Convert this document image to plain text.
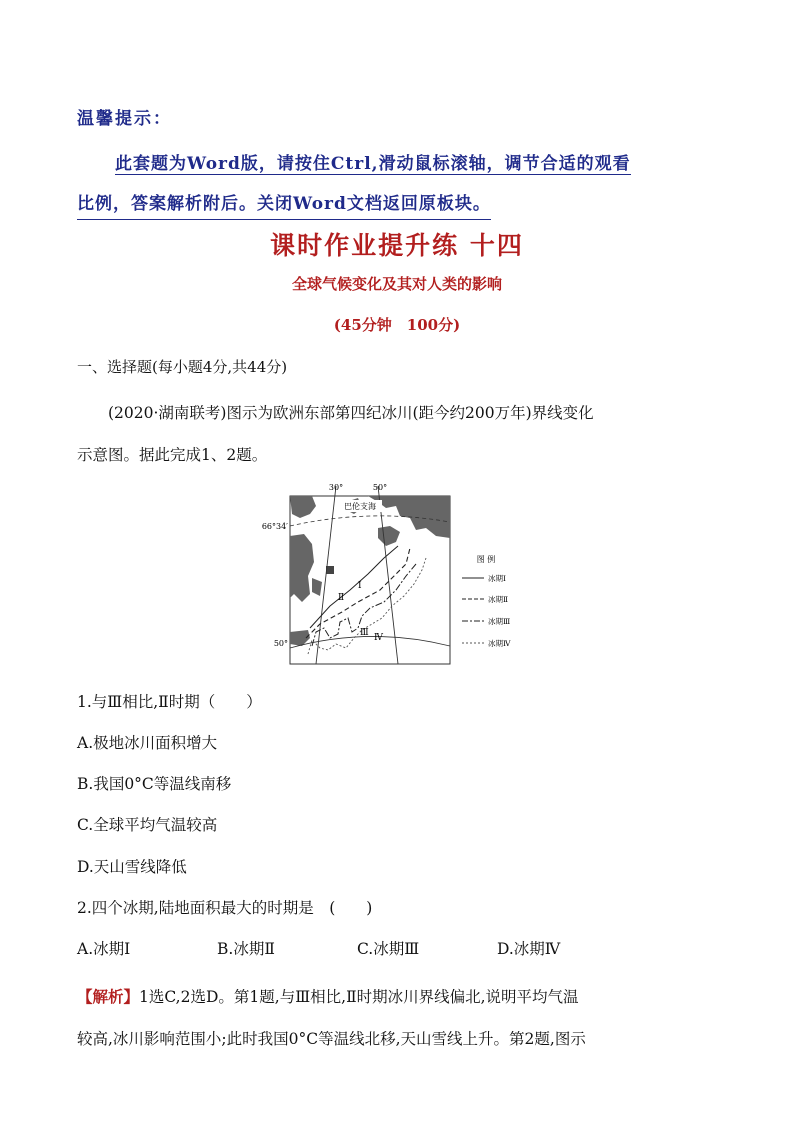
温馨提示：
此套题为Word版，请按住Ctrl,滑动鼠标滚轴，调节合适的观看
比例，答案解析附后。关闭Word文档返回原板块。
课时作业提升练 十四
全球气候变化及其对人类的影响
(45分钟　100分)
一、选择题(每小题4分,共44分)
(2020·湖南联考)图示为欧洲东部第四纪冰川(距今约200万年)界线变化
示意图。据此完成1、2题。
30°	50°
66°34′
50°
巴伦支海
Ⅰ
Ⅱ
Ⅲ Ⅳ
图 例
冰期Ⅰ
冰期Ⅱ
冰期Ⅲ
冰期Ⅳ
1.与Ⅲ相比,Ⅱ时期（　　）
A.极地冰川面积增大
B.我国0°C等温线南移
C.全球平均气温较高
D.天山雪线降低
2.四个冰期,陆地面积最大的时期是　(　　)
A.冰期Ⅰ	B.冰期Ⅱ	C.冰期Ⅲ	D.冰期Ⅳ
【解析】1选C,2选D。第1题,与Ⅲ相比,Ⅱ时期冰川界线偏北,说明平均气温
较高,冰川影响范围小;此时我国0°C等温线北移,天山雪线上升。第2题,图示
